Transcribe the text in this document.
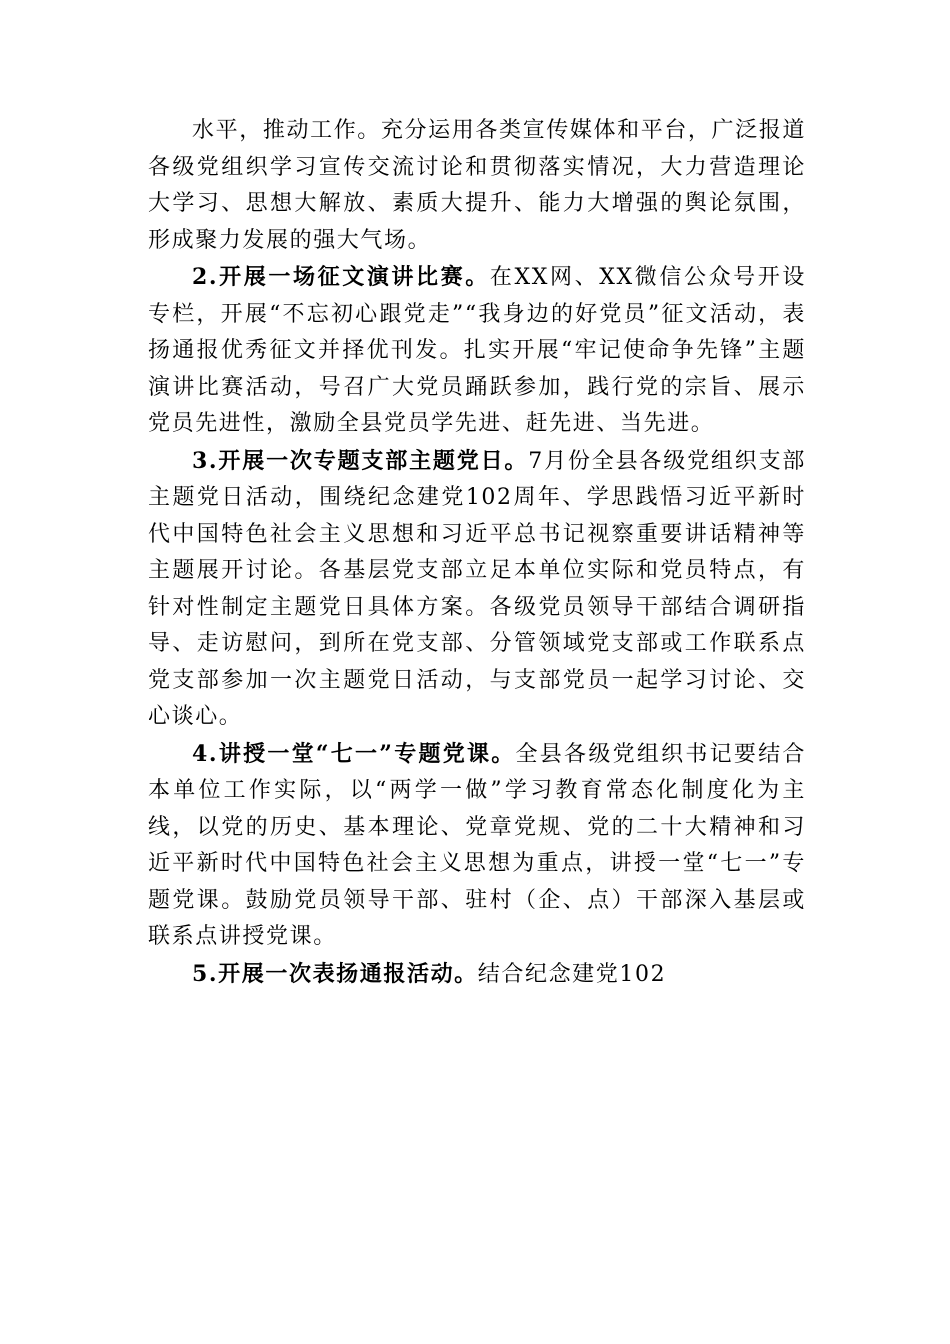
水平，推动工作。充分运用各类宣传媒体和平台，广泛报道各级党组织学习宣传交流讨论和贯彻落实情况，大力营造理论大学习、思想大解放、素质大提升、能力大增强的舆论氛围，形成聚力发展的强大气场。

2.开展一场征文演讲比赛。在XX网、XX微信公众号开设专栏，开展“不忘初心跟党走”“我身边的好党员”征文活动，表扬通报优秀征文并择优刊发。扎实开展“牢记使命争先锋”主题演讲比赛活动，号召广大党员踊跃参加，践行党的宗旨、展示党员先进性，激励全县党员学先进、赶先进、当先进。

3.开展一次专题支部主题党日。7月份全县各级党组织支部主题党日活动，围绕纪念建党102周年、学思践悟习近平新时代中国特色社会主义思想和习近平总书记视察重要讲话精神等主题展开讨论。各基层党支部立足本单位实际和党员特点，有针对性制定主题党日具体方案。各级党员领导干部结合调研指导、走访慰问，到所在党支部、分管领域党支部或工作联系点党支部参加一次主题党日活动，与支部党员一起学习讨论、交心谈心。

4.讲授一堂“七一”专题党课。全县各级党组织书记要结合本单位工作实际，以“两学一做”学习教育常态化制度化为主线，以党的历史、基本理论、党章党规、党的二十大精神和习近平新时代中国特色社会主义思想为重点，讲授一堂“七一”专题党课。鼓励党员领导干部、驻村（企、点）干部深入基层或联系点讲授党课。

5.开展一次表扬通报活动。结合纪念建党102
